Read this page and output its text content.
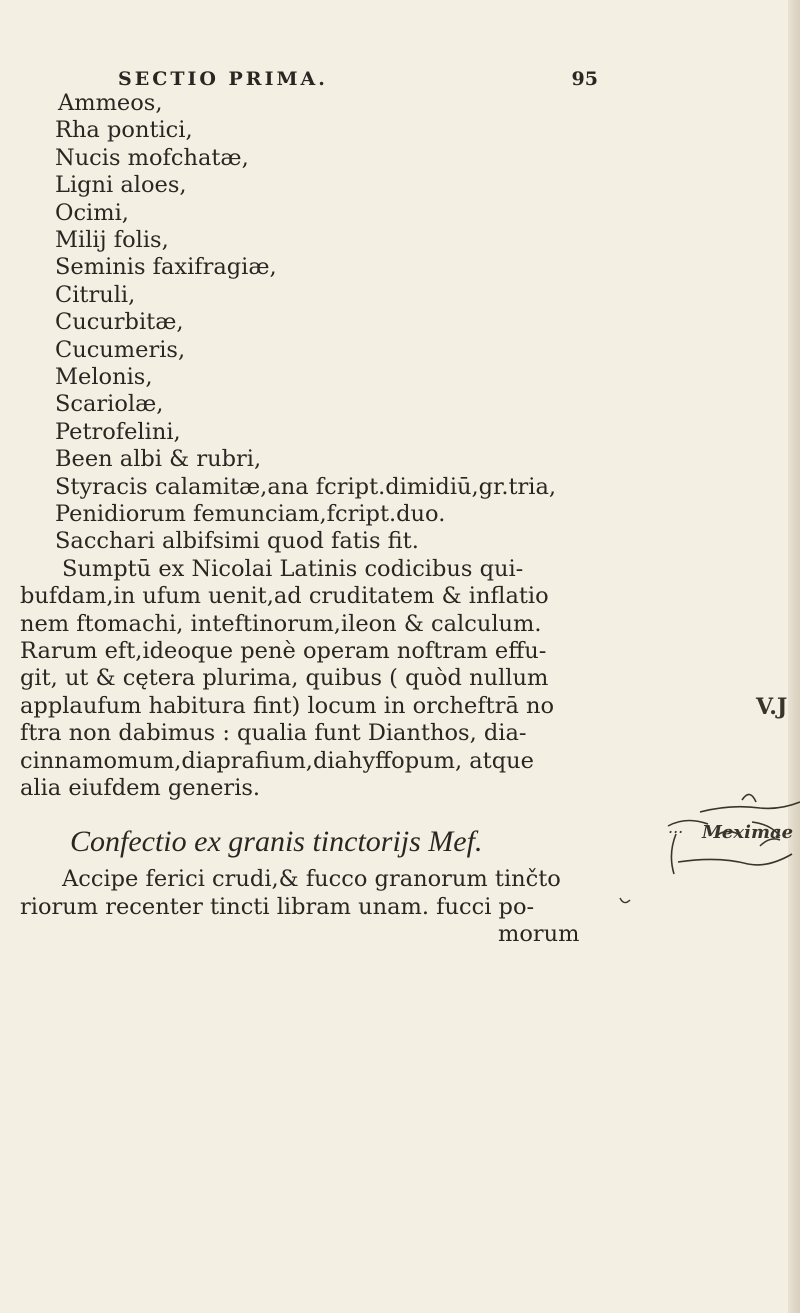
SECTIO PRIMA.	95
Ammeos,
Rha pontici,
Nucis mofchatæ,
Ligni aloes,
Ocimi,
Milij folis,
Seminis faxifragiæ,
Citruli,
Cucurbitæ,
Cucumeris,
Melonis,
Scariolæ,
Petrofelini,
Been albi & rubri,
Styracis calamitæ,ana fcript.dimidiū,gr.tria,
Penidiorum femunciam,fcript.duo.
Sacchari albifsimi quod fatis fit.
Sumptū ex Nicolai Latinis codicibus qui-
bufdam,in ufum uenit,ad cruditatem & inflatio
nem ftomachi, inteftinorum,ileon & calculum.
Rarum eft,ideoque penè operam noftram effu-
git, ut & cętera plurima, quibus ( quòd nullum
applaufum habitura fint) locum in orcheftrā no
ftra non dabimus : qualia funt Dianthos, dia-
cinnamomum,diaprafium,diahyffopum, atque
alia eiufdem generis.
Confectio ex granis tinctorijs Mef.
Accipe ferici crudi,& fucco granorum tinčto
riorum recenter tincti libram unam. fucci po-
morum
V.J
... Meximae
